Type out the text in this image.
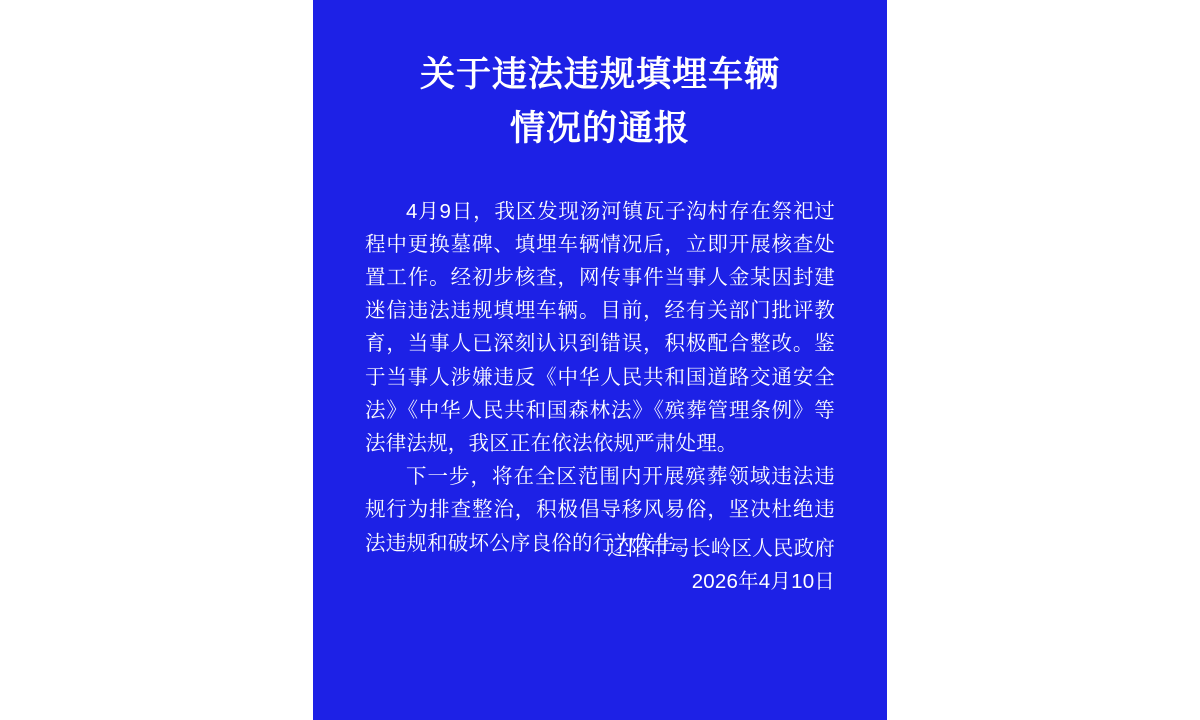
关于违法违规填埋车辆
情况的通报

4月9日，我区发现汤河镇瓦子沟村存在祭祀过程中更换墓碑、填埋车辆情况后，立即开展核查处置工作。经初步核查，网传事件当事人金某因封建迷信违法违规填埋车辆。目前，经有关部门批评教育，当事人已深刻认识到错误，积极配合整改。鉴于当事人涉嫌违反《中华人民共和国道路交通安全法》《中华人民共和国森林法》《殡葬管理条例》等法律法规，我区正在依法依规严肃处理。

下一步，将在全区范围内开展殡葬领域违法违规行为排查整治，积极倡导移风易俗，坚决杜绝违法违规和破坏公序良俗的行为发生。

辽阳市弓长岭区人民政府
2026年4月10日
